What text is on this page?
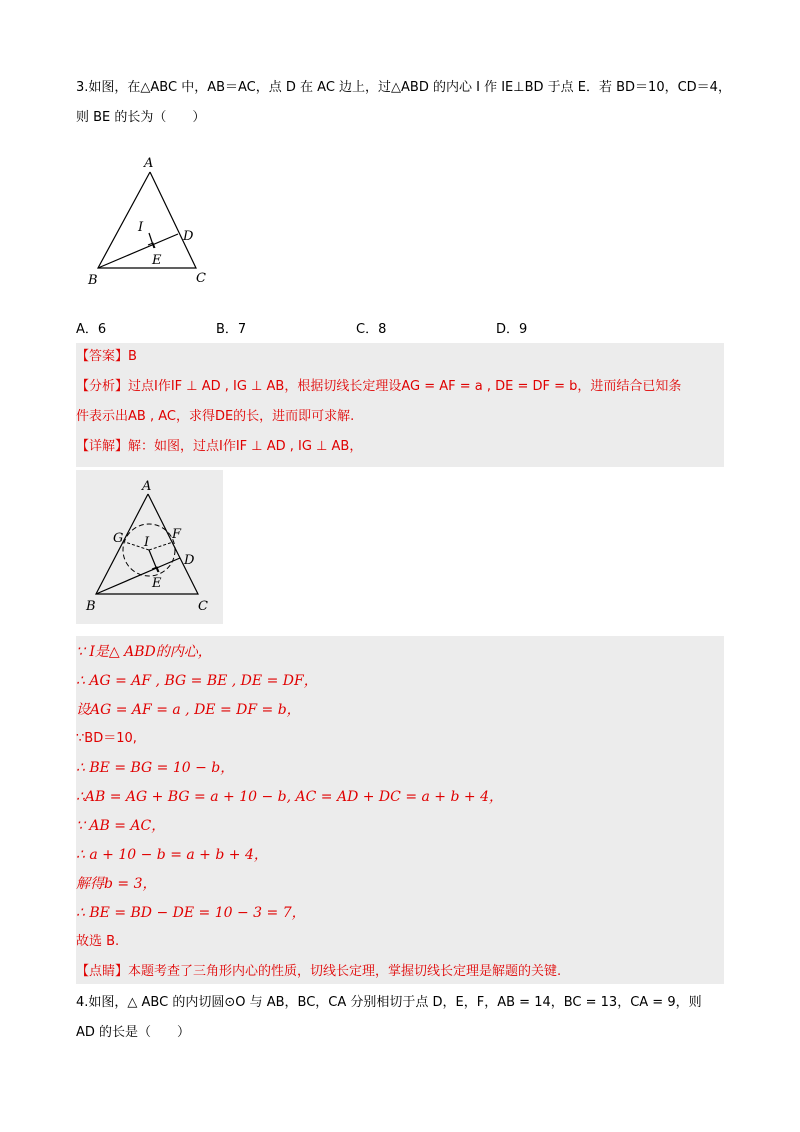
3.如图，在△ABC 中，AB＝AC，点 D 在 AC 边上，过△ABD 的内心 I 作 IE⊥BD 于点 E．若 BD＝10，CD＝4，
则 BE 的长为（　　）
A
B	C
D
E
I
A．6	B．7	C．8	D．9
【答案】B
【分析】过点I作IF ⊥ AD , IG ⊥ AB，根据切线长定理设AG = AF = a , DE = DF = b，进而结合已知条
件表示出AB , AC，求得DE的长，进而即可求解.
【详解】解：如图，过点I作IF ⊥ AD , IG ⊥ AB，
A
B	C
D
E
F
G I
∵ I是△ ABD的内心，
∴ AG = AF , BG = BE , DE = DF，
设AG = AF = a , DE = DF = b，
∵BD＝10,
∴ BE = BG = 10 − b，
∴AB = AG + BG = a + 10 − b, AC = AD + DC = a + b + 4，
∵ AB = AC，
∴ a + 10 − b = a + b + 4，
解得b = 3，
∴ BE = BD − DE = 10 − 3 = 7，
故选 B.
【点睛】本题考查了三角形内心的性质，切线长定理，掌握切线长定理是解题的关键.
4.如图，△ ABC 的内切圆⊙O 与 AB，BC，CA 分别相切于点 D，E，F，AB = 14，BC = 13，CA = 9，则
AD 的长是（　　）
